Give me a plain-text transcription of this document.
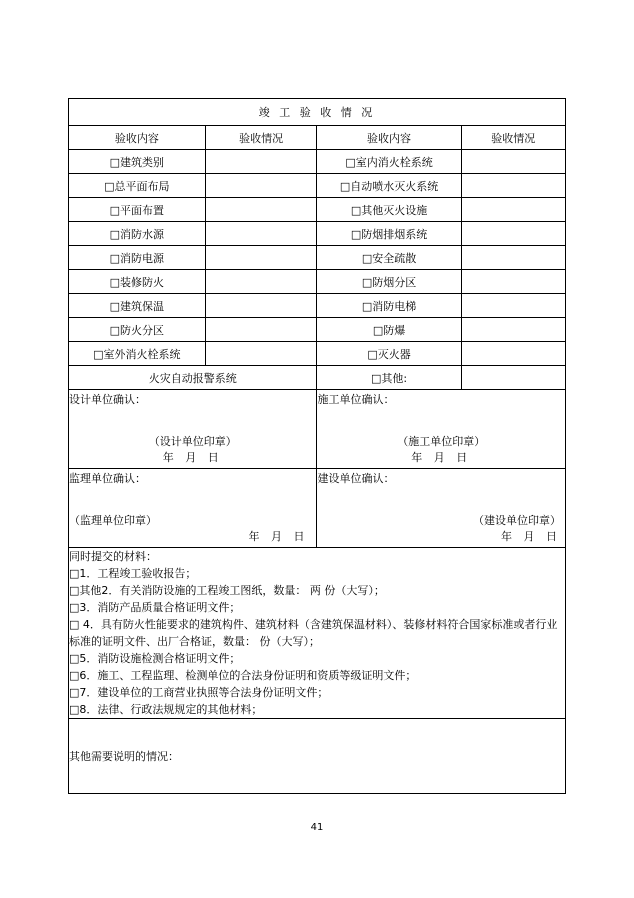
竣 工 验 收 情 况			
验收内容	验收情况	验收内容	验收情况
□建筑类别		□室内消火栓系统	
□总平面布局		□自动喷水灭火系统	
□平面布置		□其他灭火设施	
□消防水源		□防烟排烟系统	
□消防电源		□安全疏散	
□装修防火		□防烟分区	
□建筑保温		□消防电梯	
□防火分区		□防爆	
□室外消火栓系统		□灭火器	
火灾自动报警系统		□其他:	

设计单位确认：
（设计单位印章）
年 月 日

施工单位确认：
（施工单位印章）
年 月 日

监理单位确认：
（监理单位印章）
年 月 日

建设单位确认：
（建设单位印章）
年 月 日

同时提交的材料：
□1．工程竣工验收报告；
□其他2．有关消防设施的工程竣工图纸，数量： 两 份（大写）；
□3．消防产品质量合格证明文件；
□ 4．具有防火性能要求的建筑构件、建筑材料（含建筑保温材料）、装修材料符合国家标准或者行业标准的证明文件、出厂合格证，数量： 份（大写）；
□5．消防设施检测合格证明文件；
□6．施工、工程监理、检测单位的合法身份证明和资质等级证明文件；
□7．建设单位的工商营业执照等合法身份证明文件；
□8．法律、行政法规规定的其他材料；

其他需要说明的情况：			
41
